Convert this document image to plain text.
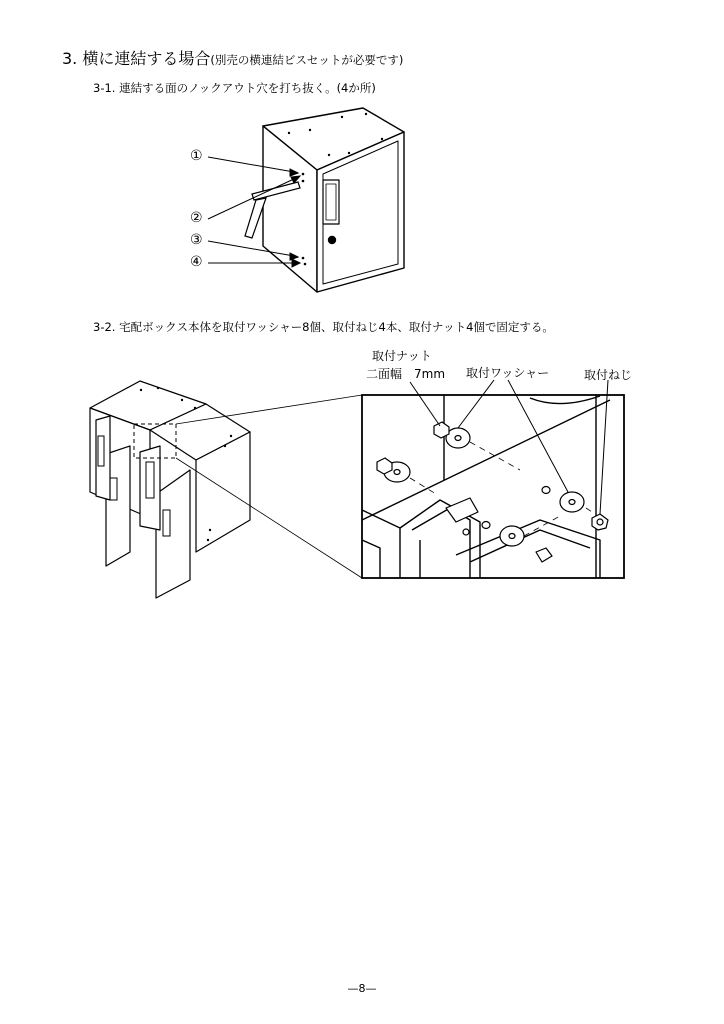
3. 横に連結する場合(別売の横連結ビスセットが必要です)
3-1. 連結する面のノックアウト穴を打ち抜く。(4か所)
①
②
③
④
3-2. 宅配ボックス本体を取付ワッシャー8個、取付ねじ4本、取付ナット4個で固定する。
取付ナット
二面幅　7mm 取付ワッシャー	取付ねじ
—8—
